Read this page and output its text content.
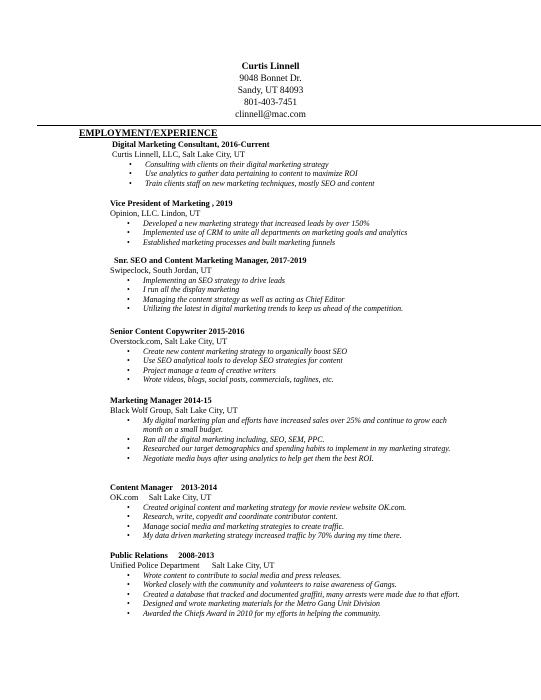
Curtis Linnell
9048 Bonnet Dr.
Sandy, UT 84093
801-403-7451
clinnell@mac.com
EMPLOYMENT/EXPERIENCE
Digital Marketing Consultant, 2016-Current
Curtis Linnell, LLC, Salt Lake City, UT
• Consulting with clients on their digital marketing strategy
• Use analytics to gather data pertaining to content to maximize ROI
• Train clients staff on new marketing techniques, mostly SEO and content
Vice President of Marketing , 2019
Opinion, LLC. Lindon, UT
• Developed a new marketing strategy that increased leads by over 150%
• Implemented use of CRM to unite all departments on marketing goals and analytics
• Established marketing processes and built marketing funnels
Snr. SEO and Content Marketing Manager, 2017-2019
Swipeclock, South Jordan, UT
• Implementing an SEO strategy to drive leads
• I run all the display marketing
• Managing the content strategy as well as acting as Chief Editor
• Utilizing the latest in digital marketing trends to keep us ahead of the competition.
Senior Content Copywriter 2015-2016
Overstock.com, Salt Lake City, UT
• Create new content marketing strategy to organically boost SEO
• Use SEO analytical tools to develop SEO strategies for content
• Project manage a team of creative writers
• Wrote videos, blogs, social posts, commercials, taglines, etc.
Marketing Manager 2014-15
Black Wolf Group, Salt Lake City, UT
• My digital marketing plan and efforts have increased sales over 25% and continue to grow each month on a small budget.
• Ran all the digital marketing including, SEO, SEM, PPC.
• Researched our target demographics and spending habits to implement in my marketing strategy.
• Negotiate media buys after using analytics to help get them the best ROI.
Content Manager    2013-2014
OK.com     Salt Lake City, UT
• Created original content and marketing strategy for movie review website OK.com.
• Research, write, copyedit and coordinate contributor content.
• Manage social media and marketing strategies to create traffic.
• My data driven marketing strategy increased traffic by 70% during my time there.
Public Relations     2008-2013
Unified Police Department      Salt Lake City, UT
• Wrote content to contribute to social media and press releases.
• Worked closely with the community and volunteers to raise awareness of Gangs.
• Created a database that tracked and documented graffiti, many arrests were made due to that effort.
• Designed and wrote marketing materials for the Metro Gang Unit Division
• Awarded the Chiefs Award in 2010 for my efforts in helping the community.
